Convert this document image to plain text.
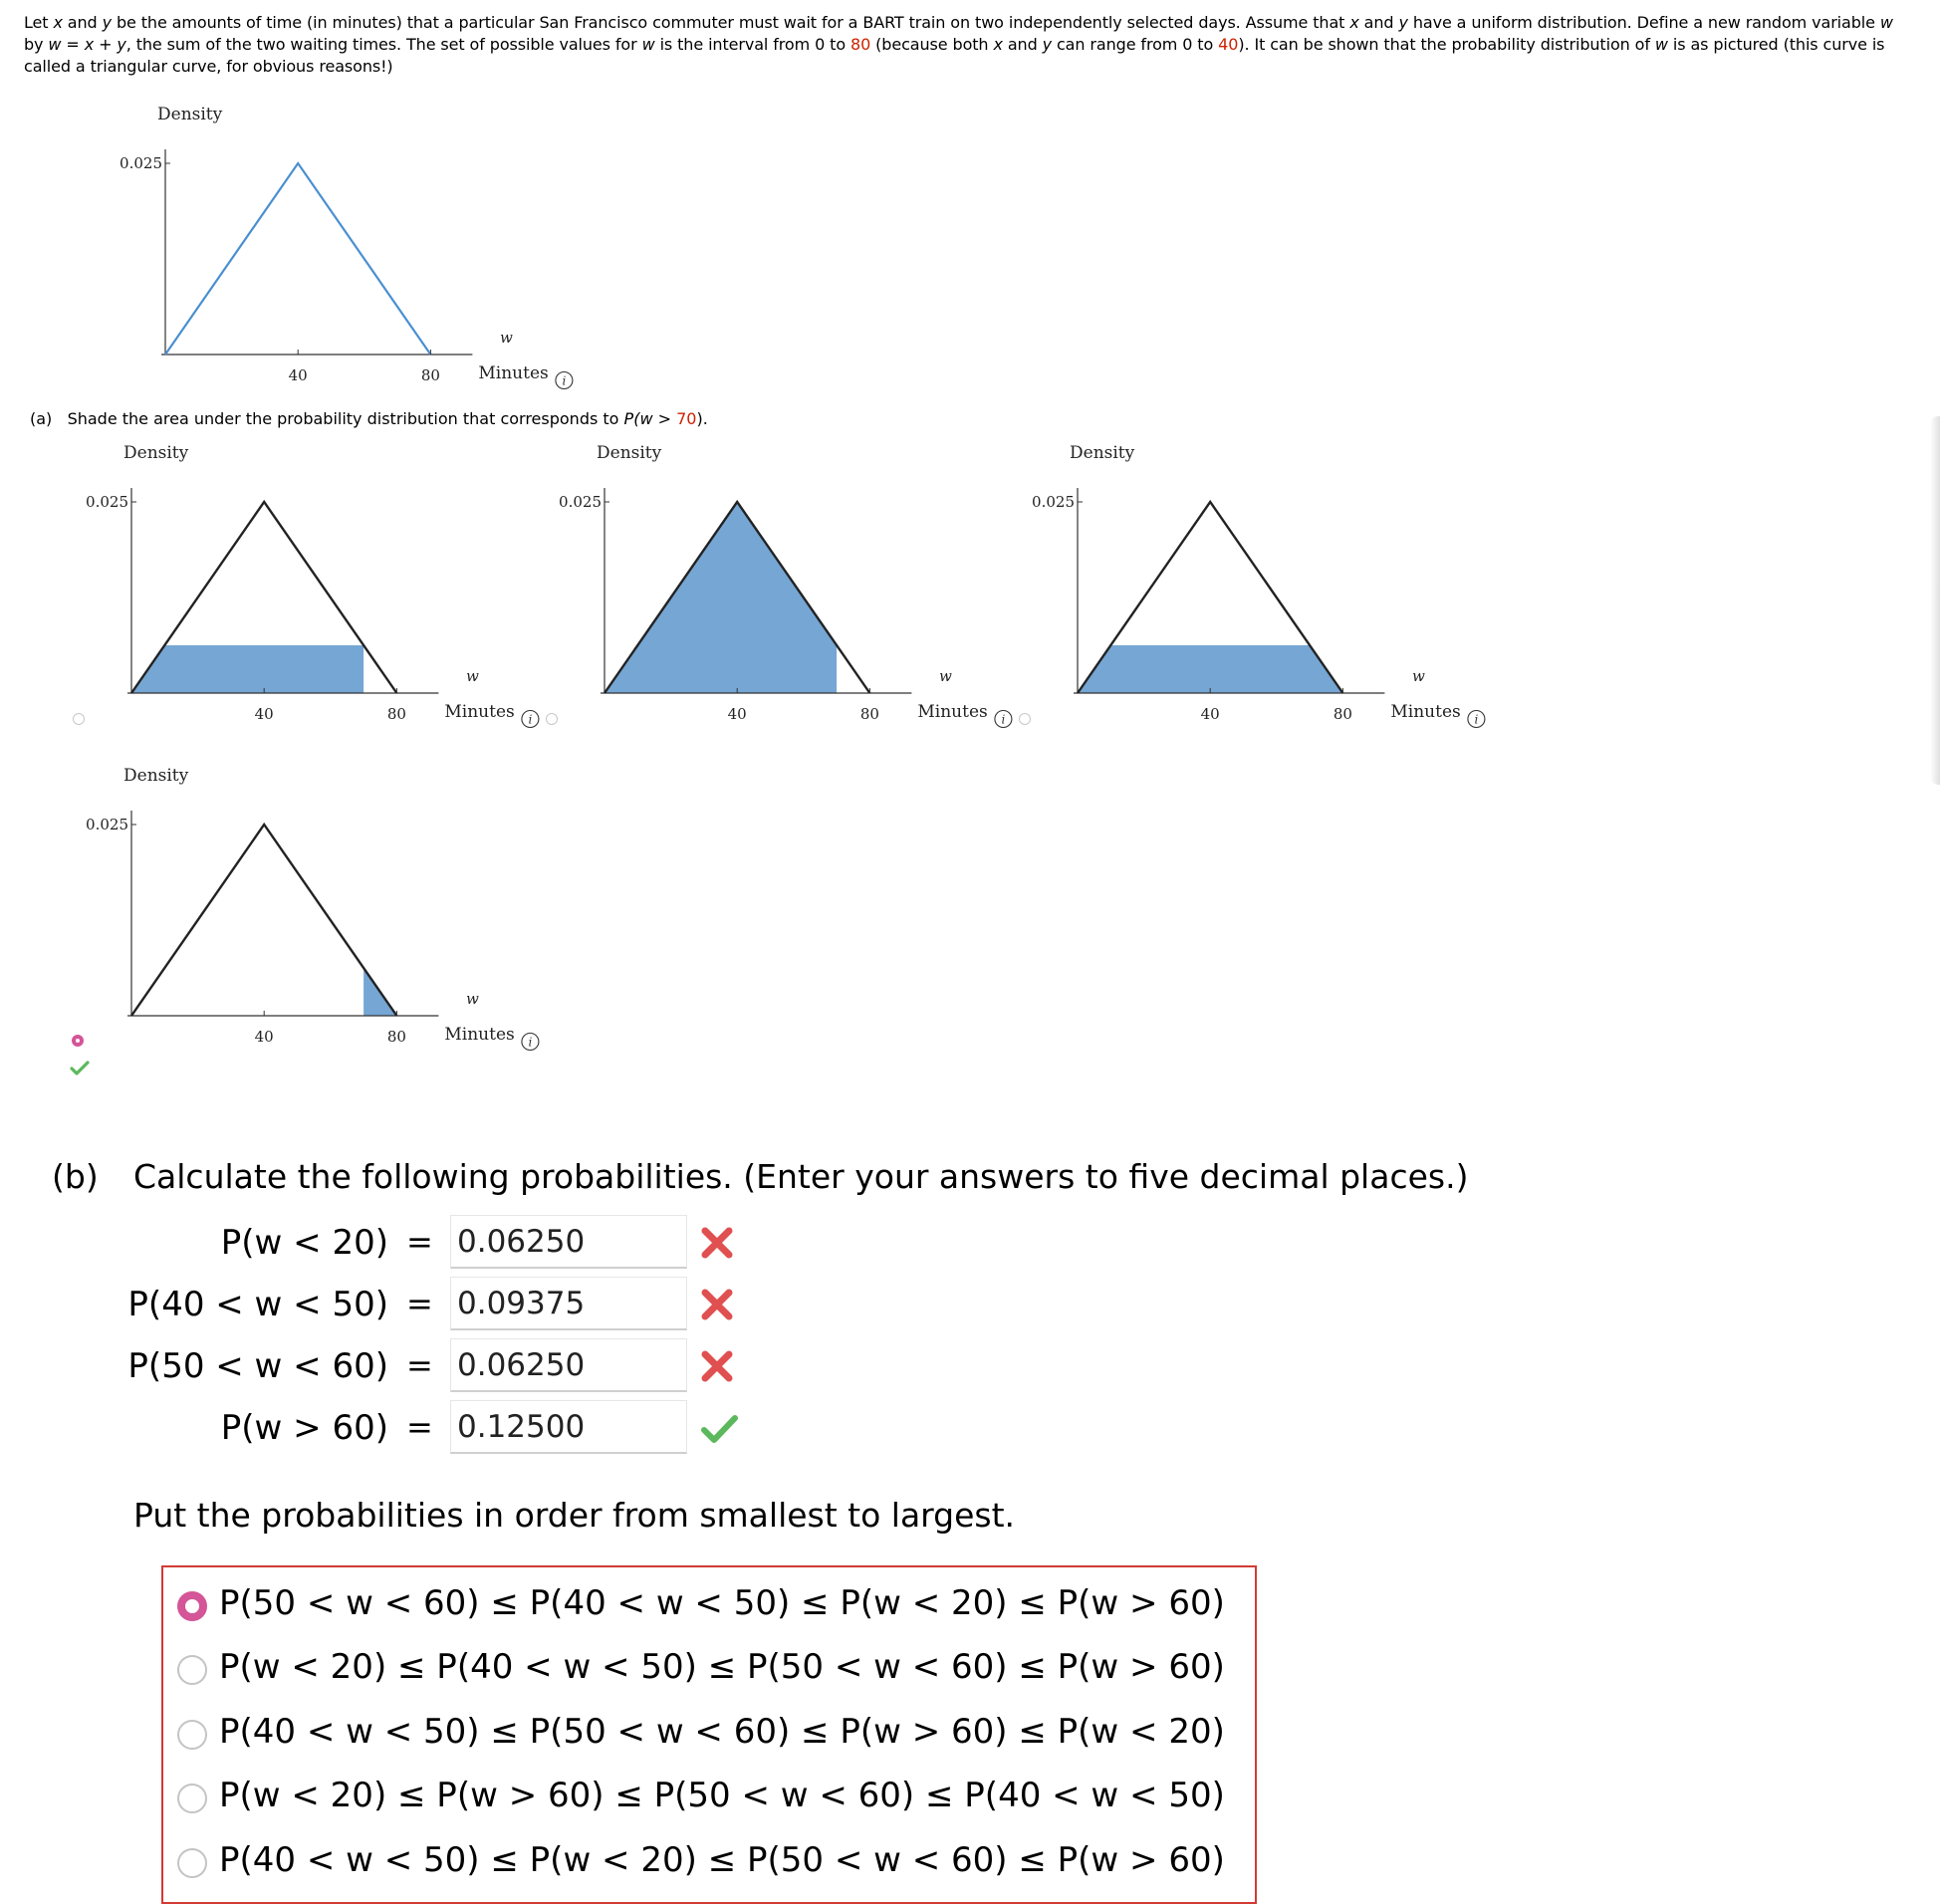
Let x and y be the amounts of time (in minutes) that a particular San Francisco commuter must wait for a BART train on two independently selected days. Assume that x and y have a uniform distribution. Define a new random variable w by w = x + y, the sum of the two waiting times. The set of possible values for w is the interval from 0 to 80 (because both x and y can range from 0 to 40). It can be shown that the probability distribution of w is as pictured (this curve is called a triangular curve, for obvious reasons!)
Density
0.025
40	80
w
Minutes i
(a) Shade the area under the probability distribution that corresponds to P(w > 70).
Density
0.025
40	80
w
Minutes i
Density
0.025
40	80
w
Minutes i
Density
0.025
40	80
w
Minutes i
Density
0.025
40	80
w
Minutes i
(b) Calculate the following probabilities. (Enter your answers to five decimal places.)
P(w < 20) =
0.06250
P(40 < w < 50) =
0.09375
P(50 < w < 60) =
0.06250
P(w > 60) =
0.12500
Put the probabilities in order from smallest to largest.
P(50 < w < 60) ≤ P(40 < w < 50) ≤ P(w < 20) ≤ P(w > 60)
P(w < 20) ≤ P(40 < w < 50) ≤ P(50 < w < 60) ≤ P(w > 60)
P(40 < w < 50) ≤ P(50 < w < 60) ≤ P(w > 60) ≤ P(w < 20)
P(w < 20) ≤ P(w > 60) ≤ P(50 < w < 60) ≤ P(40 < w < 50)
P(40 < w < 50) ≤ P(w < 20) ≤ P(50 < w < 60) ≤ P(w > 60)
